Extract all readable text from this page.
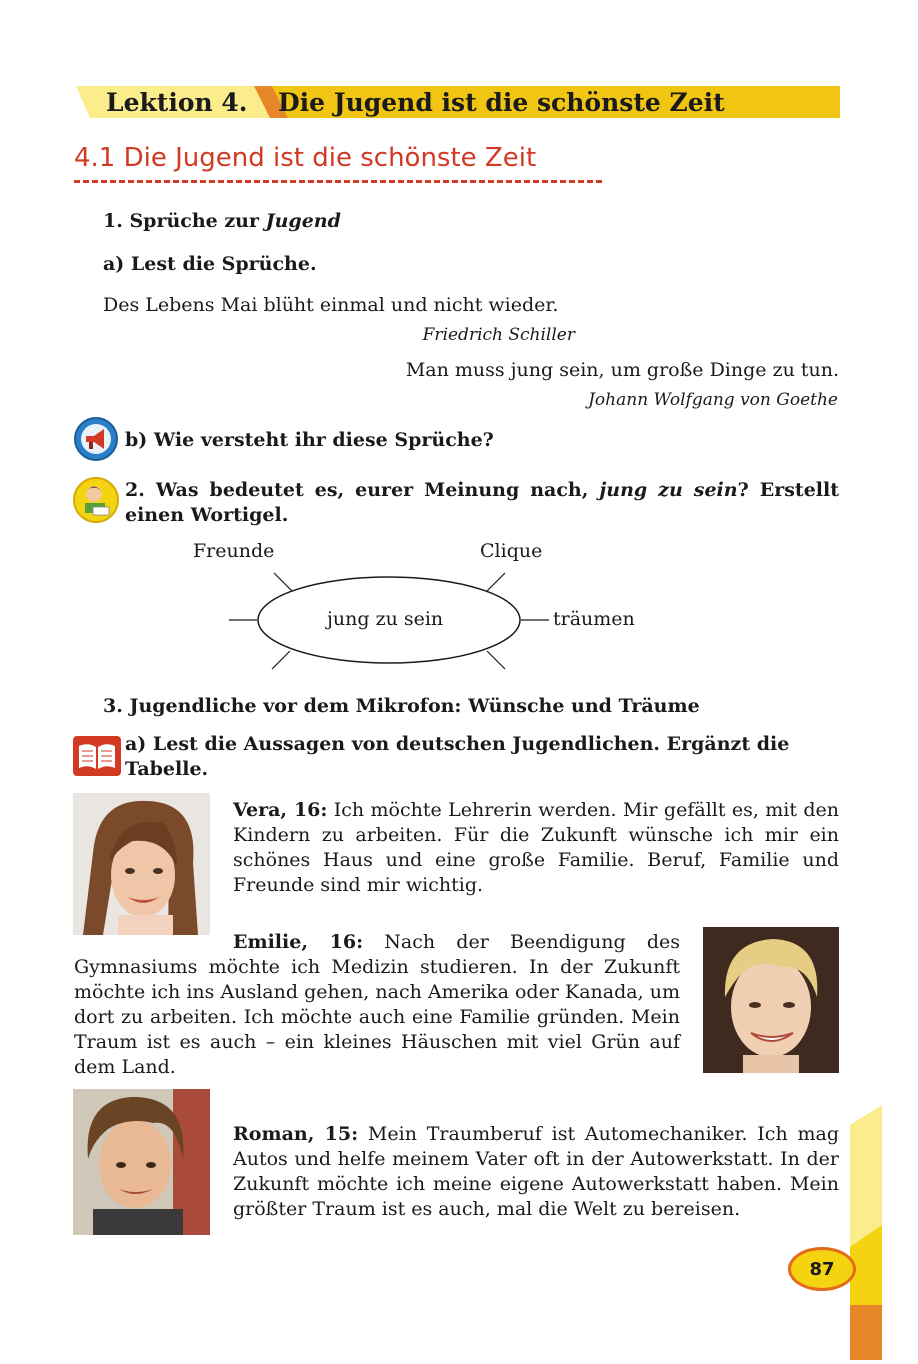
Lektion 4. Die Jugend ist die schönste Zeit
4.1 Die Jugend ist die schönste Zeit
1. Sprüche zur Jugend
a) Lest die Sprüche.
Des Lebens Mai blüht einmal und nicht wieder.
Friedrich Schiller
Man muss jung sein, um große Dinge zu tun.
Johann Wolfgang von Goethe
b) Wie versteht ihr diese Sprüche?
2. Was bedeutet es, eurer Meinung nach, jung zu sein? Erstellt einen Wortigel.
Freunde	Clique
jung zu sein	träumen
3. Jugendliche vor dem Mikrofon: Wünsche und Träume
a) Lest die Aussagen von deutschen Jugendlichen. Ergänzt die Tabelle.
Vera, 16: Ich möchte Lehrerin werden. Mir gefällt es, mit den Kindern zu arbeiten. Für die Zukunft wünsche ich mir ein schönes Haus und eine große Familie. Beruf, Familie und Freunde sind mir wichtig.
Emilie, 16: Nach der Beendigung des Gymnasiums möchte ich Medizin studieren. In der Zukunft möchte ich ins Ausland gehen, nach Amerika oder Kanada, um dort zu arbeiten. Ich möchte auch eine Familie gründen. Mein Traum ist es auch – ein kleines Häuschen mit viel Grün auf dem Land.
Roman, 15: Mein Traumberuf ist Automechaniker. Ich mag Autos und helfe meinem Vater oft in der Autowerkstatt. In der Zukunft möchte ich meine eigene Autowerkstatt haben. Mein größter Traum ist es auch, mal die Welt zu bereisen.
87
